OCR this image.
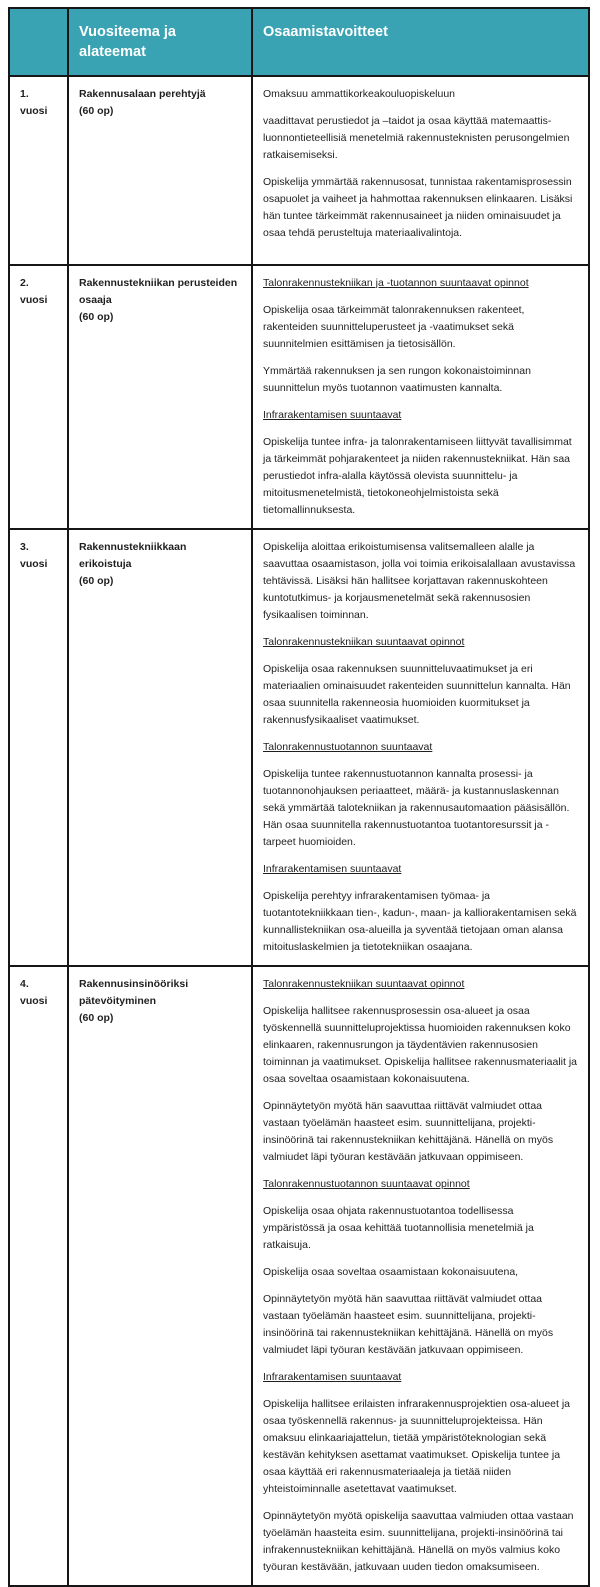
Vuositeema ja alateemat
Osaamistavoitteet
1. vuosi

Rakennusalaan perehtyjä

(60 op)

Omaksuu ammattikorkeakouluopiskeluun
vaadittavat perustiedot ja –taidot ja osaa käyttää matemaattis-luonnontieteellisiä menetelmiä rakennusteknisten perusongelmien ratkaisemiseksi.
Opiskelija ymmärtää rakennusosat, tunnistaa rakentamisprosessin osapuolet ja vaiheet ja hahmottaa rakennuksen elinkaaren. Lisäksi hän tuntee tärkeimmät rakennusaineet ja niiden ominaisuudet ja osaa tehdä perusteltuja materiaalivalintoja.
2. vuosi

Rakennustekniikan perusteiden osaaja

(60 op)

Talonrakennustekniikan ja -tuotannon suuntaavat opinnot
Opiskelija osaa tärkeimmät talonrakennuksen rakenteet, rakenteiden suunnitteluperusteet ja -vaatimukset sekä suunnitelmien esittämisen ja tietosisällön.
Ymmärtää rakennuksen ja sen rungon kokonaistoiminnan suunnittelun myös tuotannon vaatimusten kannalta.
Infrarakentamisen suuntaavat
Opiskelija tuntee infra- ja talonrakentamiseen liittyvät tavallisimmat ja tärkeimmät pohjarakenteet ja niiden rakennustekniikat. Hän saa perustiedot infra-alalla käytössä olevista suunnittelu- ja mitoitusmenetelmistä, tietokoneohjelmistoista sekä tietomallinnuksesta.
3. vuosi

Rakennustekniikkaan erikoistuja

(60 op)

Opiskelija aloittaa erikoistumisensa valitsemalleen alalle ja saavuttaa osaamistason, jolla voi toimia erikoisalallaan avustavissa tehtävissä. Lisäksi hän hallitsee korjattavan rakennuskohteen kuntotutkimus- ja korjausmenetelmät sekä rakennusosien fysikaalisen toiminnan.
Talonrakennustekniikan suuntaavat opinnot
Opiskelija osaa rakennuksen suunnitteluvaatimukset ja eri materiaalien ominaisuudet rakenteiden suunnittelun kannalta. Hän osaa suunnitella rakenneosia huomioiden kuormitukset ja rakennusfysikaaliset vaatimukset.
Talonrakennustuotannon suuntaavat
Opiskelija tuntee rakennustuotannon kannalta prosessi- ja tuotannonohjauksen periaatteet, määrä- ja kustannuslaskennan sekä ymmärtää talotekniikan ja rakennusautomaation pääsisällön. Hän osaa suunnitella rakennustuotantoa tuotantoresurssit ja -tarpeet huomioiden.
Infrarakentamisen suuntaavat
Opiskelija perehtyy infrarakentamisen työmaa- ja tuotantotekniikkaan tien-, kadun-, maan- ja kalliorakentamisen sekä kunnallistekniikan osa-alueilla ja syventää tietojaan oman alansa mitoituslaskelmien ja tietotekniikan osaajana.
4. vuosi

Rakennusinsinööriksi pätevöityminen

(60 op)

Talonrakennustekniikan suuntaavat opinnot
Opiskelija hallitsee rakennusprosessin osa-alueet ja osaa työskennellä suunnitteluprojektissa huomioiden rakennuksen koko elinkaaren, rakennusrungon ja täydentävien rakennusosien toiminnan ja vaatimukset. Opiskelija hallitsee rakennusmateriaalit ja osaa soveltaa osaamistaan kokonaisuutena.
Opinnäytetyön myötä hän saavuttaa riittävät valmiudet ottaa vastaan työelämän haasteet esim. suunnittelijana, projekti-insinöörinä tai rakennustekniikan kehittäjänä. Hänellä on myös valmiudet läpi työuran kestävään jatkuvaan oppimiseen.
Talonrakennustuotannon suuntaavat opinnot
Opiskelija osaa ohjata rakennustuotantoa todellisessa ympäristössä ja osaa kehittää tuotannollisia menetelmiä ja ratkaisuja.
Opiskelija osaa soveltaa osaamistaan kokonaisuutena,
Opinnäytetyön myötä hän saavuttaa riittävät valmiudet ottaa vastaan työelämän haasteet esim. suunnittelijana, projekti-insinöörinä tai rakennustekniikan kehittäjänä. Hänellä on myös valmiudet läpi työuran kestävään jatkuvaan oppimiseen.
Infrarakentamisen suuntaavat
Opiskelija hallitsee erilaisten infrarakennusprojektien osa-alueet ja osaa työskennellä rakennus- ja suunnitteluprojekteissa. Hän omaksuu elinkaariajattelun, tietää ympäristöteknologian sekä kestävän kehityksen asettamat vaatimukset. Opiskelija tuntee ja osaa käyttää eri rakennusmateriaaleja ja tietää niiden yhteistoiminnalle asetettavat vaatimukset.
Opinnäytetyön myötä opiskelija saavuttaa valmiuden ottaa vastaan työelämän haasteita esim. suunnittelijana, projekti-insinöörinä tai infrakennustekniikan kehittäjänä. Hänellä on myös valmius koko työuran kestävään, jatkuvaan uuden tiedon omaksumiseen.
